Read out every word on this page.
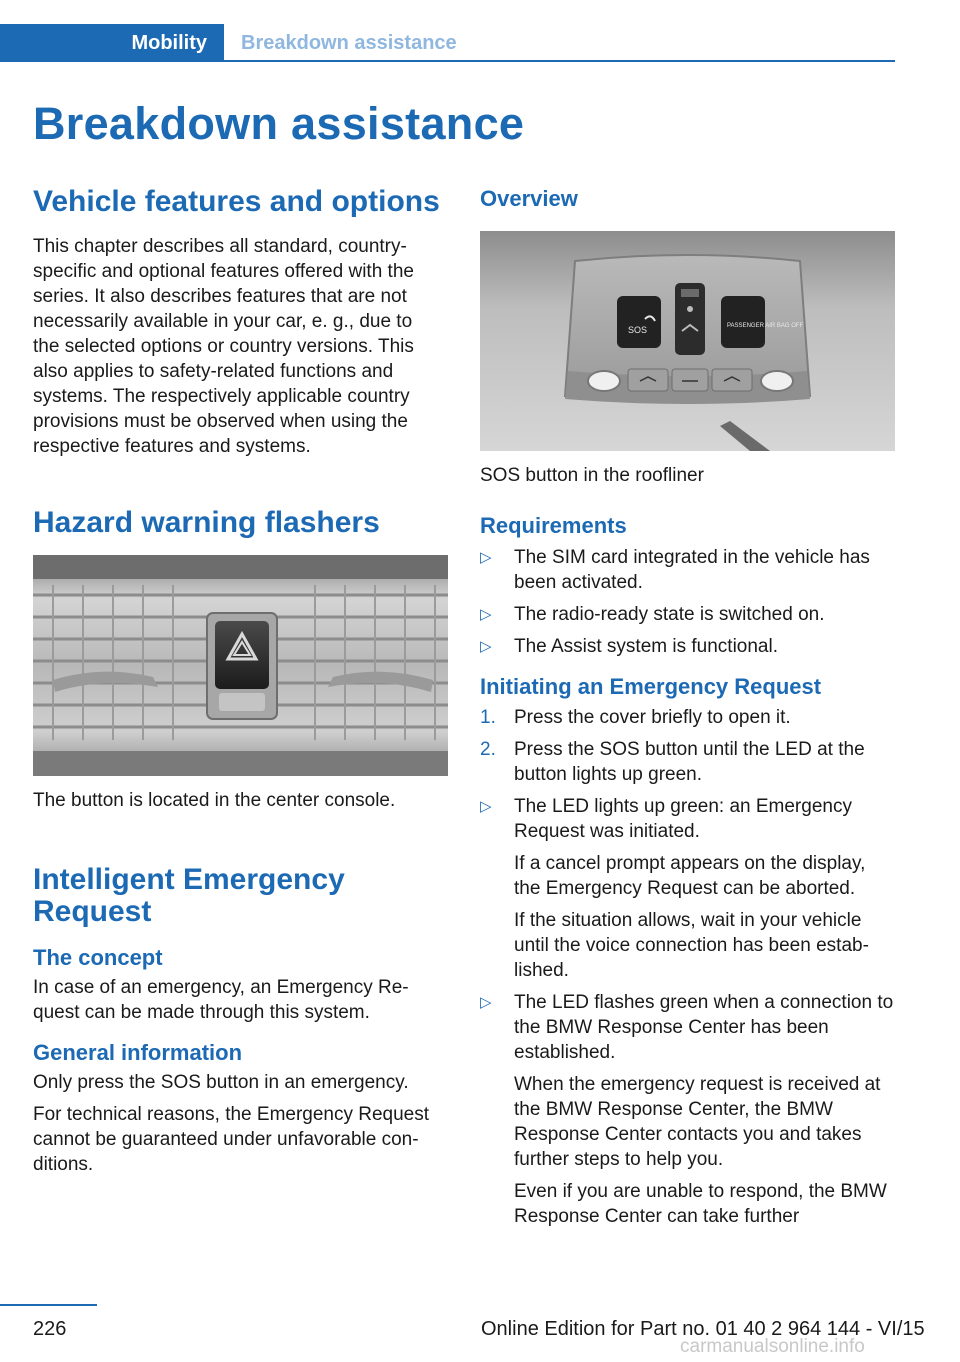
Mobility	Breakdown assistance
Breakdown assistance
Vehicle features and options

This chapter describes all standard, country-specific and optional features offered with the series. It also describes features that are not necessarily available in your car, e. g., due to the selected options or country versions. This also applies to safety-related functions and systems. The respectively applicable country provisions must be observed when using the respective features and systems.

Hazard warning flashers

The button is located in the center console.

Intelligent Emergency Request
The concept

In case of an emergency, an Emergency Re-quest can be made through this system.

General information

Only press the SOS button in an emergency.

For technical reasons, the Emergency Request cannot be guaranteed under unfavorable con-ditions.

Overview
SOS	PASSENGER AIR BAG OFF

SOS button in the roofliner

Requirements
▷ The SIM card integrated in the vehicle has been activated.
▷ The radio-ready state is switched on.
▷ The Assist system is functional.
Initiating an Emergency Request
1. Press the cover briefly to open it.
2. Press the SOS button until the LED at the button lights up green.
▷ The LED lights up green: an Emergency Request was initiated.
If a cancel prompt appears on the display, the Emergency Request can be aborted.
If the situation allows, wait in your vehicle until the voice connection has been estab-lished.
▷ The LED flashes green when a connection to the BMW Response Center has been established.
When the emergency request is received at the BMW Response Center, the BMW Response Center contacts you and takes further steps to help you.
Even if you are unable to respond, the BMW Response Center can take further
226	Online Edition for Part no. 01 40 2 964 144 - VI/15
carmanualsonline.info
